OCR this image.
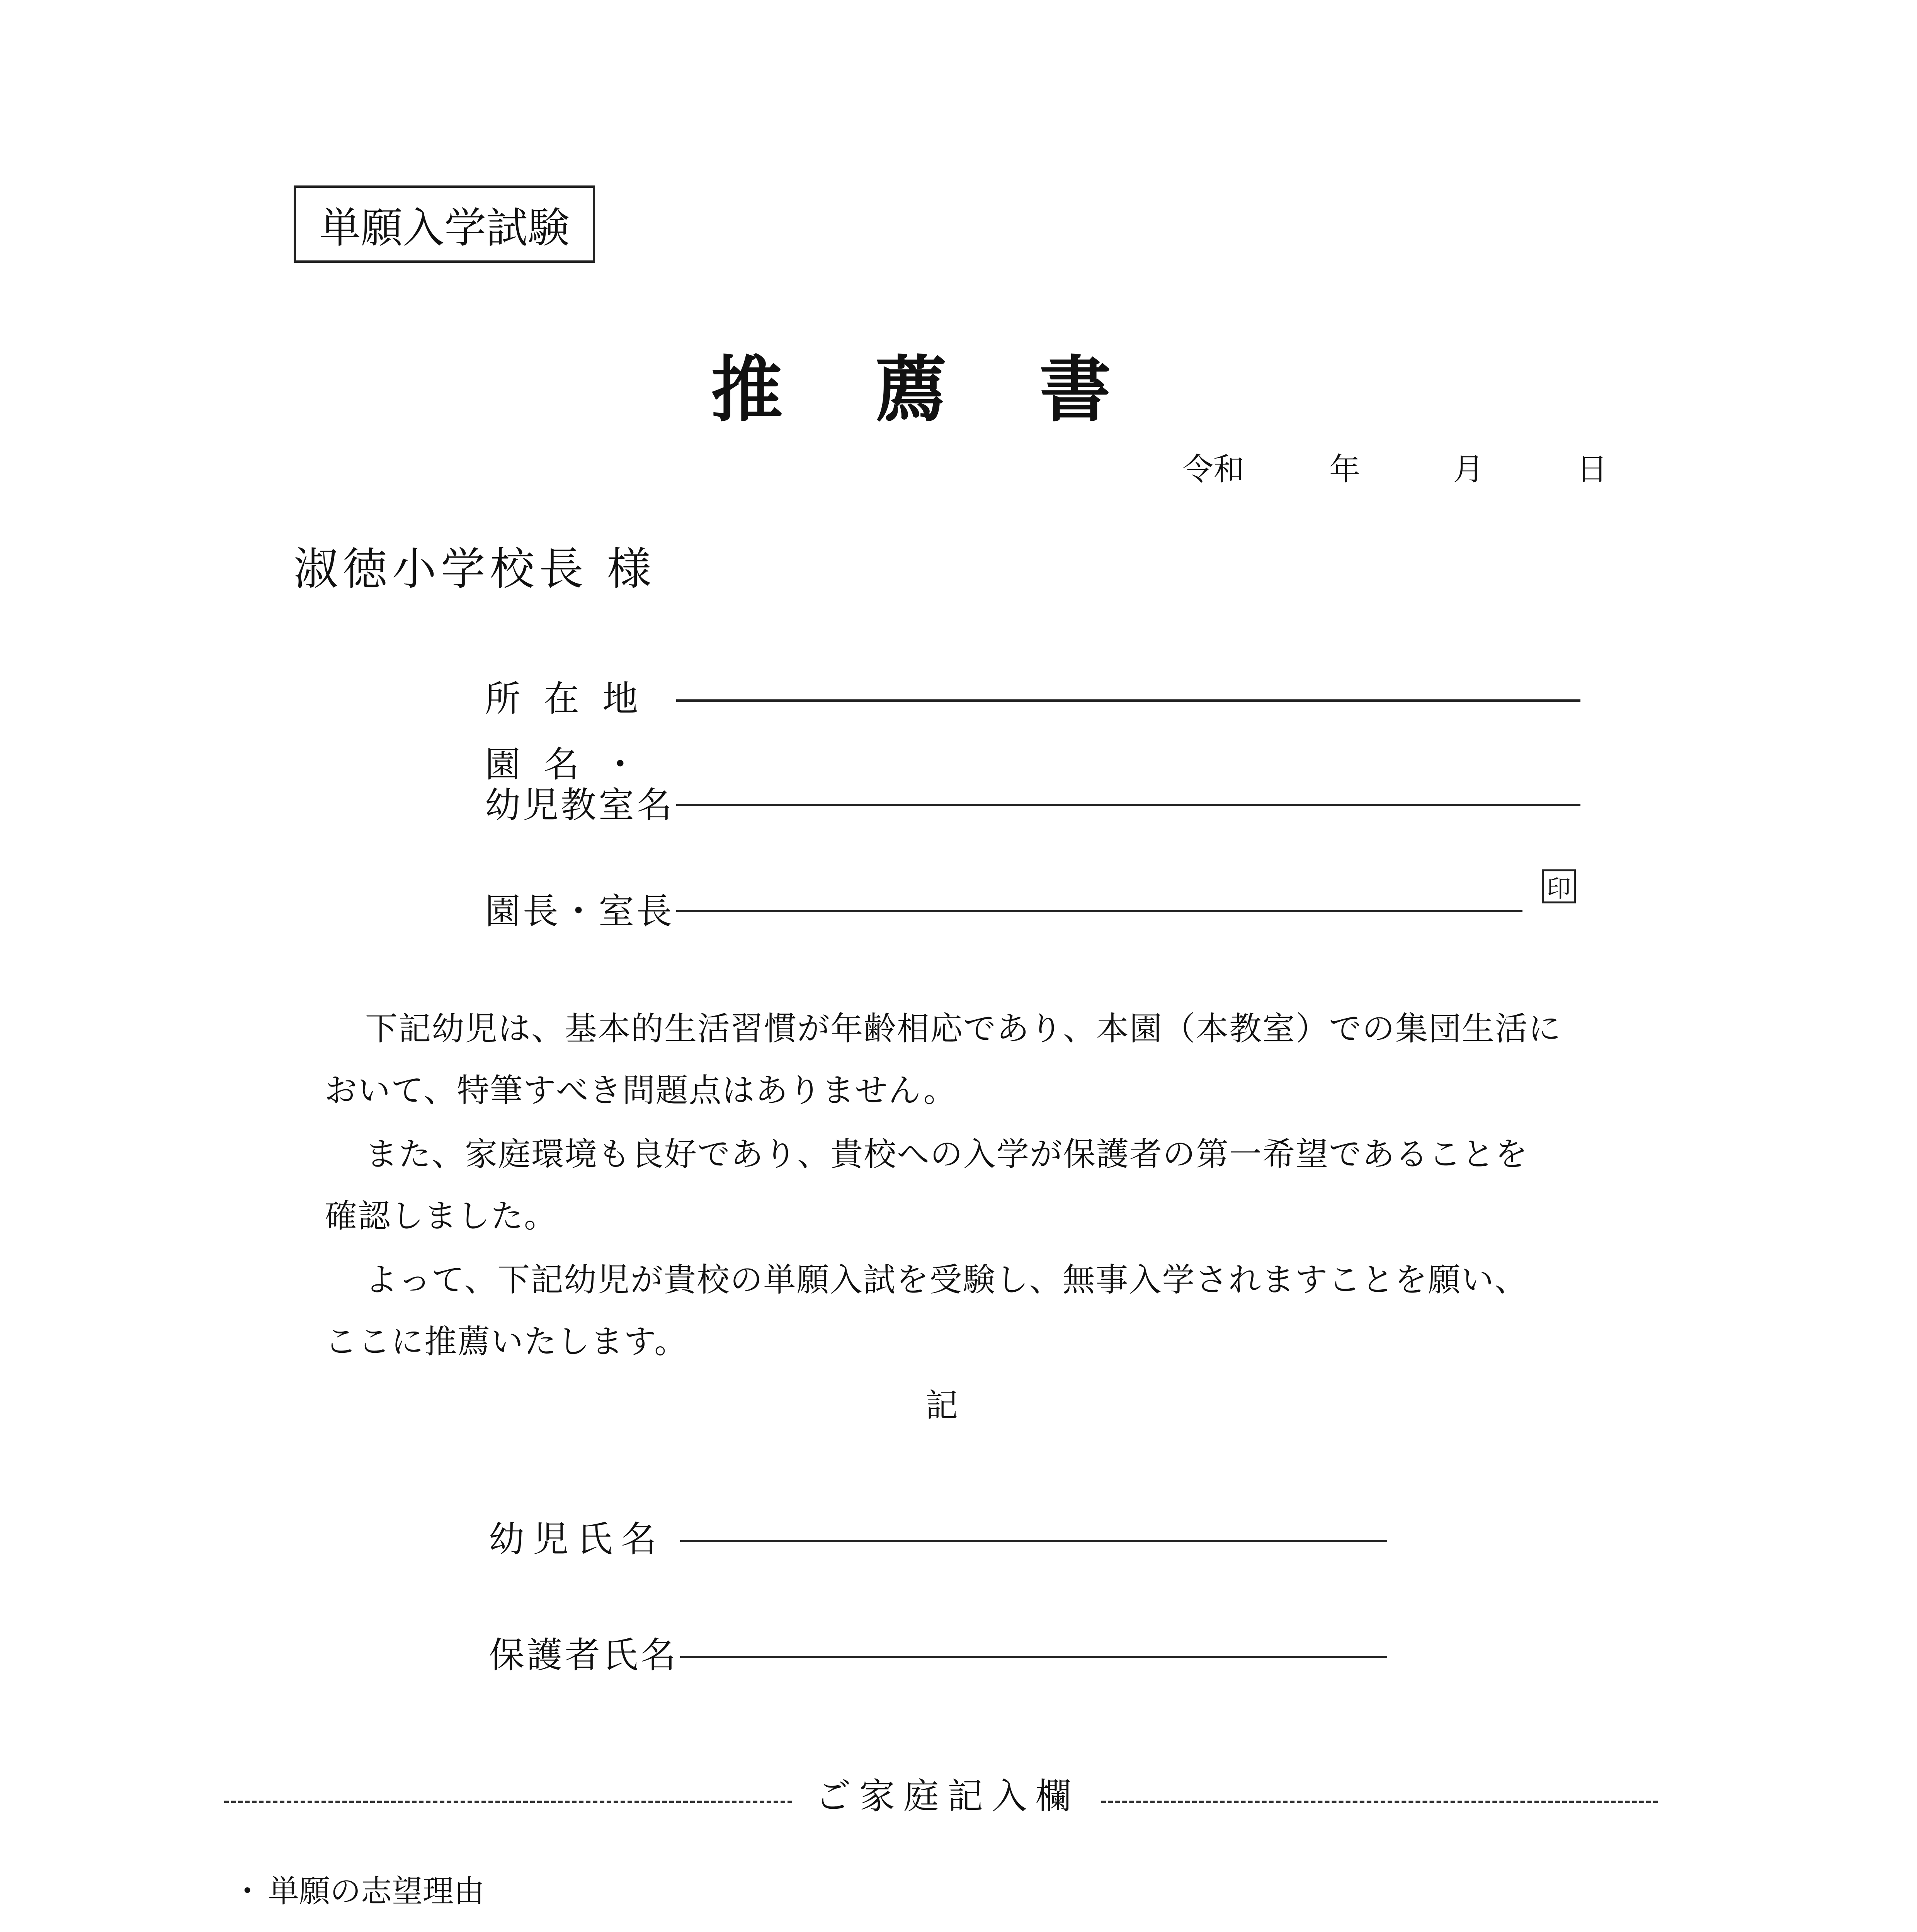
単願入学試験
推薦書
令和	年	月	日
淑徳小学校長 様
所在地
園名・
幼児教室名
園長・室長
印
下記幼児は、基本的生活習慣が年齢相応であり、本園（本教室）での集団生活に
おいて、特筆すべき問題点はありません。
また、家庭環境も良好であり、貴校への入学が保護者の第一希望であることを
確認しました。
よって、下記幼児が貴校の単願入試を受験し、無事入学されますことを願い、
ここに推薦いたします。
記
幼児氏名
保護者氏名
ご家庭記入欄
・ 単願の志望理由
